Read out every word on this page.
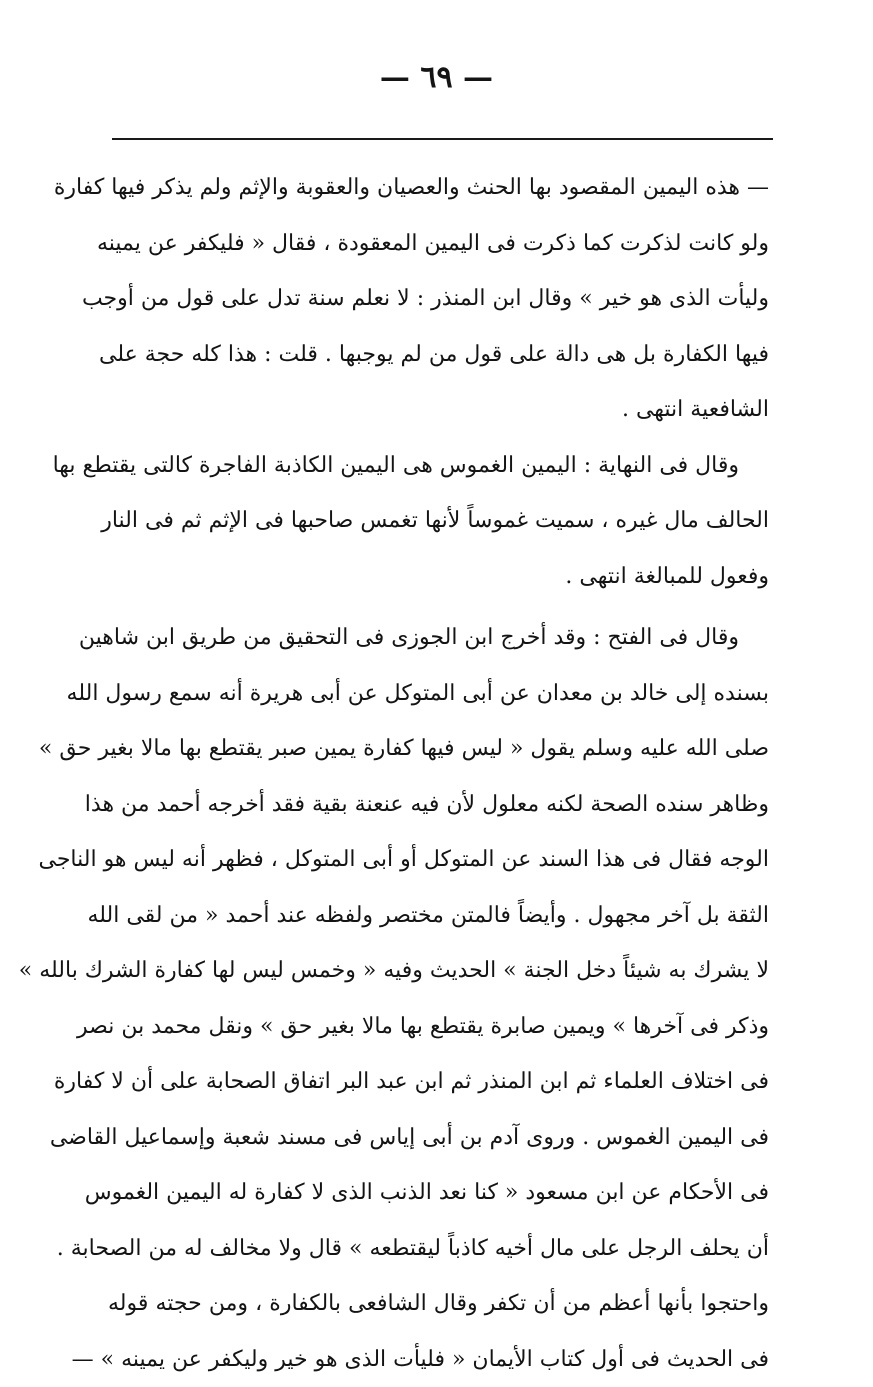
— ٦٩ —
— هذه اليمين المقصود بها الحنث والعصيان والعقوبة والإثم ولم يذكر فيها كفارة
ولو كانت لذكرت كما ذكرت فى اليمين المعقودة ، فقال « فليكفر عن يمينه
وليأت الذى هو خير » وقال ابن المنذر : لا نعلم سنة تدل على قول من أوجب
فيها الكفارة بل هى دالة على قول من لم يوجبها . قلت : هذا كله حجة على
الشافعية انتهى .
وقال فى النهاية : اليمين الغموس هى اليمين الكاذبة الفاجرة كالتى يقتطع بها
الحالف مال غيره ، سميت غموساً لأنها تغمس صاحبها فى الإثم ثم فى النار
وفعول للمبالغة انتهى .
وقال فى الفتح : وقد أخرج ابن الجوزى فى التحقيق من طريق ابن شاهين
بسنده إلى خالد بن معدان عن أبى المتوكل عن أبى هريرة أنه سمع رسول الله
صلى الله عليه وسلم يقول « ليس فيها كفارة يمين صبر يقتطع بها مالا بغير حق »
وظاهر سنده الصحة لكنه معلول لأن فيه عنعنة بقية فقد أخرجه أحمد من هذا
الوجه فقال فى هذا السند عن المتوكل أو أبى المتوكل ، فظهر أنه ليس هو الناجى
الثقة بل آخر مجهول . وأيضاً فالمتن مختصر ولفظه عند أحمد « من لقى الله
لا يشرك به شيئاً دخل الجنة » الحديث وفيه « وخمس ليس لها كفارة الشرك بالله »
وذكر فى آخرها » ويمين صابرة يقتطع بها مالا بغير حق » ونقل محمد بن نصر
فى اختلاف العلماء ثم ابن المنذر ثم ابن عبد البر اتفاق الصحابة على أن لا كفارة
فى اليمين الغموس . وروى آدم بن أبى إياس فى مسند شعبة وإسماعيل القاضى
فى الأحكام عن ابن مسعود « كنا نعد الذنب الذى لا كفارة له اليمين الغموس
أن يحلف الرجل على مال أخيه كاذباً ليقتطعه » قال ولا مخالف له من الصحابة .
واحتجوا بأنها أعظم من أن تكفر وقال الشافعى بالكفارة ، ومن حجته قوله
فى الحديث فى أول كتاب الأيمان « فليأت الذى هو خير وليكفر عن يمينه » —
